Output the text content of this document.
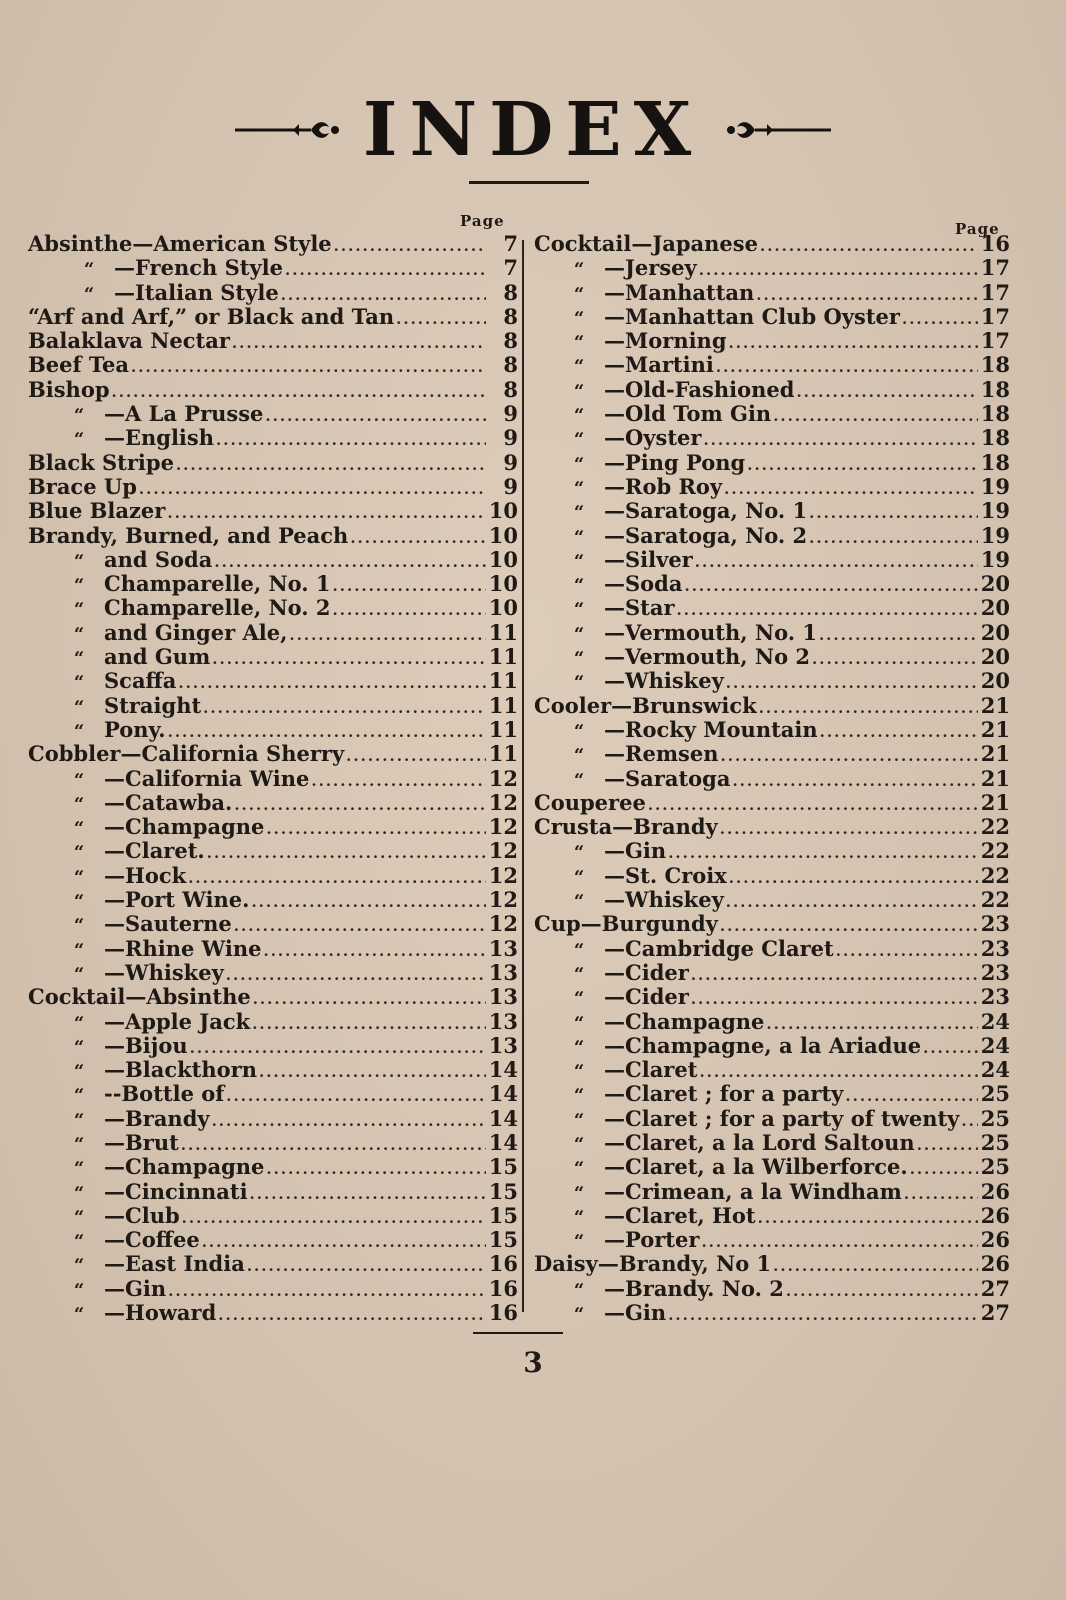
INDEX
Page	Page
Absinthe—American Style .....	7
“ —French Style .....	7
“ —Italian Style .....	8
“Arf and Arf,” or Black and Tan .....	8
Balaklava Nectar .....	8
Beef Tea .....	8
Bishop .....	8
“ —A La Prusse .....	9
“ —English .....	9
Black Stripe .....	9
Brace Up .....	9
Blue Blazer .....	10
Brandy, Burned, and Peach .....	10
“ and Soda .....	10
“ Champarelle, No. 1 .....	10
“ Champarelle, No. 2 .....	10
“ and Ginger Ale, .....	11
“ and Gum .....	11
“ Scaffa .....	11
“ Straight .....	11
“ Pony. .....	11
Cobbler—California Sherry .....	11
“ —California Wine .....	12
“ —Catawba. .....	12
“ —Champagne .....	12
“ —Claret. .....	12
“ —Hock .....	12
“ —Port Wine. .....	12
“ —Sauterne .....	12
“ —Rhine Wine .....	13
“ —Whiskey .....	13
Cocktail—Absinthe .....	13
“ —Apple Jack .....	13
“ —Bijou .....	13
“ —Blackthorn .....	14
“ --Bottle of .....	14
“ —Brandy .....	14
“ —Brut .....	14
“ —Champagne .....	15
“ —Cincinnati .....	15
“ —Club .....	15
“ —Coffee .....	15
“ —East India .....	16
“ —Gin .....	16
“ —Howard .....	16
Cocktail—Japanese .....	16
“ —Jersey .....	17
“ —Manhattan .....	17
“ —Manhattan Club Oyster .....	17
“ —Morning .....	17
“ —Martini .....	18
“ —Old-Fashioned .....	18
“ —Old Tom Gin .....	18
“ —Oyster .....	18
“ —Ping Pong .....	18
“ —Rob Roy .....	19
“ —Saratoga, No. 1 .....	19
“ —Saratoga, No. 2 .....	19
“ —Silver .....	19
“ —Soda .....	20
“ —Star .....	20
“ —Vermouth, No. 1 .....	20
“ —Vermouth, No 2 .....	20
“ —Whiskey .....	20
Cooler—Brunswick .....	21
“ —Rocky Mountain .....	21
“ —Remsen .....	21
“ —Saratoga .....	21
Couperee .....	21
Crusta—Brandy .....	22
“ —Gin .....	22
“ —St. Croix .....	22
“ —Whiskey .....	22
Cup—Burgundy .....	23
“ —Cambridge Claret .....	23
“ —Cider .....	23
“ —Cider .....	23
“ —Champagne .....	24
“ —Champagne, a la Ariadue .....	24
“ —Claret .....	24
“ —Claret ; for a party .....	25
“ —Claret ; for a party of twenty ..... 25
“ —Claret, a la Lord Saltoun .....	25
“ —Claret, a la Wilberforce. .....	25
“ —Crimean, a la Windham .....	26
“ —Claret, Hot .....	26
“ —Porter .....	26
Daisy—Brandy, No 1 .....	26
“ —Brandy. No. 2 .....	27
“ —Gin .....	27
3
